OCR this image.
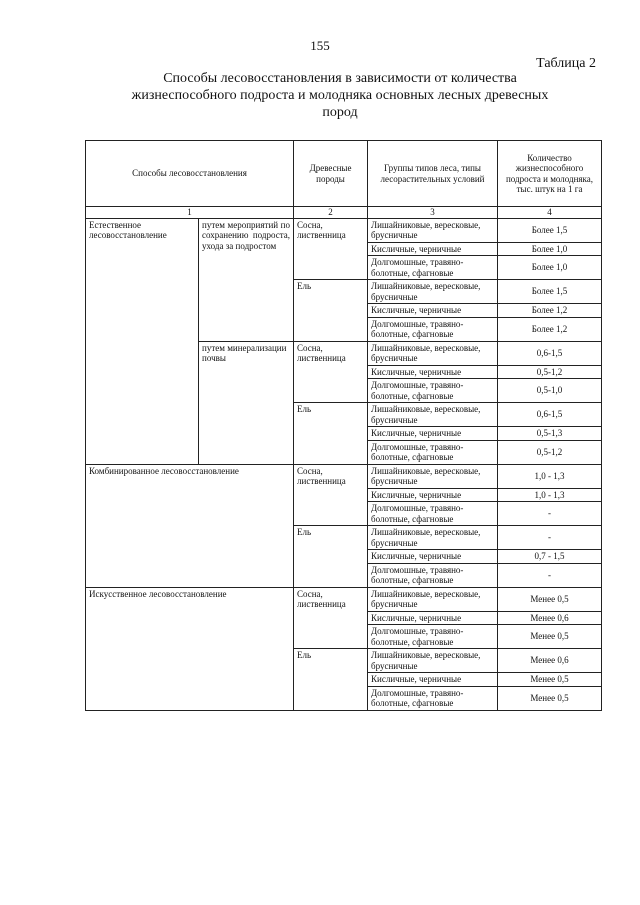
155
Таблица 2
Способы лесовосстановления в зависимости от количества жизнеспособного подроста и молодняка основных лесных древесных пород
Способы лесовосстановления		Древесные породы	Группы типов леса, типы лесорастительных условий	Количество жизнеспособного подроста и молодняка, тыс. штук на 1 га
1		2	3	4
Естественное лесовосстановление	путем мероприятий по сохранению подроста, ухода за подростом	Сосна, лиственница	Лишайниковые, вересковые, брусничные	Более 1,5
			Кисличные, черничные	Более 1,0
			Долгомошные, травяно-болотные, сфагновые	Более 1,0
		Ель	Лишайниковые, вересковые, брусничные	Более 1,5
			Кисличные, черничные	Более 1,2
			Долгомошные, травяно-болотные, сфагновые	Более 1,2
	путем минерализации почвы	Сосна, лиственница	Лишайниковые, вересковые, брусничные	0,6-1,5
			Кисличные, черничные	0,5-1,2
			Долгомошные, травяно-болотные, сфагновые	0,5-1,0
		Ель	Лишайниковые, вересковые, брусничные	0,6-1,5
			Кисличные, черничные	0,5-1,3
			Долгомошные, травяно-болотные, сфагновые	0,5-1,2
Комбинированное лесовосстановление		Сосна, лиственница	Лишайниковые, вересковые, брусничные	1,0 - 1,3
			Кисличные, черничные	1,0 - 1,3
			Долгомошные, травяно-болотные, сфагновые	-
		Ель	Лишайниковые, вересковые, брусничные	-
			Кисличные, черничные	0,7 - 1,5
			Долгомошные, травяно-болотные, сфагновые	-
Искусственное лесовосстановление		Сосна, лиственница	Лишайниковые, вересковые, брусничные	Менее 0,5
			Кисличные, черничные	Менее 0,6
			Долгомошные, травяно-болотные, сфагновые	Менее 0,5
		Ель	Лишайниковые, вересковые, брусничные	Менее 0,6
			Кисличные, черничные	Менее 0,5
			Долгомошные, травяно-болотные, сфагновые	Менее 0,5
